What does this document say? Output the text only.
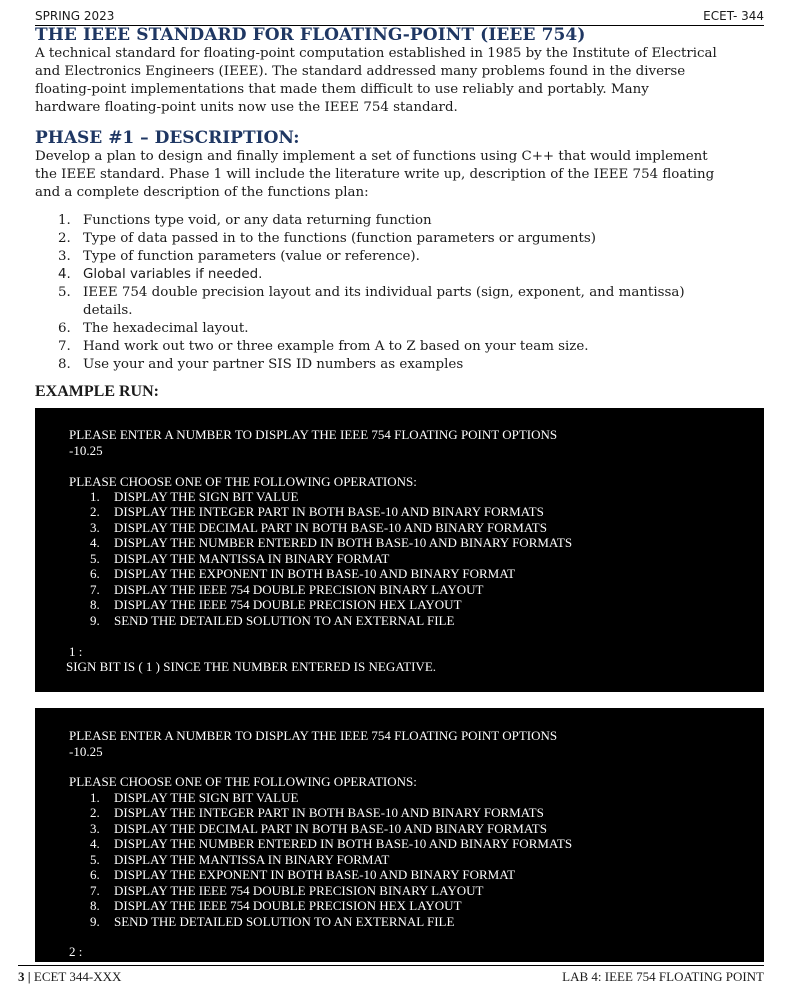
SPRING 2023	ECET- 344
THE IEEE STANDARD FOR FLOATING-POINT (IEEE 754)
A technical standard for floating-point computation established in 1985 by the Institute of Electrical
and Electronics Engineers (IEEE). The standard addressed many problems found in the diverse
floating-point implementations that made them difficult to use reliably and portably. Many
hardware floating-point units now use the IEEE 754 standard.
PHASE #1 – DESCRIPTION:
Develop a plan to design and finally implement a set of functions using C++ that would implement
the IEEE standard. Phase 1 will include the literature write up, description of the IEEE 754 floating
and a complete description of the functions plan:
1. Functions type void, or any data returning function
2. Type of data passed in to the functions (function parameters or arguments)
3. Type of function parameters (value or reference).
4. Global variables if needed.
5. IEEE 754 double precision layout and its individual parts (sign, exponent, and mantissa)
details.
6. The hexadecimal layout.
7. Hand work out two or three example from A to Z based on your team size.
8. Use your and your partner SIS ID numbers as examples
EXAMPLE RUN:
PLEASE ENTER A NUMBER TO DISPLAY THE IEEE 754 FLOATING POINT OPTIONS
-10.25
PLEASE CHOOSE ONE OF THE FOLLOWING OPERATIONS:
1. DISPLAY THE SIGN BIT VALUE
2. DISPLAY THE INTEGER PART IN BOTH BASE-10 AND BINARY FORMATS
3. DISPLAY THE DECIMAL PART IN BOTH BASE-10 AND BINARY FORMATS
4. DISPLAY THE NUMBER ENTERED IN BOTH BASE-10 AND BINARY FORMATS
5. DISPLAY THE MANTISSA IN BINARY FORMAT
6. DISPLAY THE EXPONENT IN BOTH BASE-10 AND BINARY FORMAT
7. DISPLAY THE IEEE 754 DOUBLE PRECISION BINARY LAYOUT
8. DISPLAY THE IEEE 754 DOUBLE PRECISION HEX LAYOUT
9. SEND THE DETAILED SOLUTION TO AN EXTERNAL FILE
1 :
SIGN BIT IS ( 1 ) SINCE THE NUMBER ENTERED IS NEGATIVE.
PLEASE ENTER A NUMBER TO DISPLAY THE IEEE 754 FLOATING POINT OPTIONS
-10.25
PLEASE CHOOSE ONE OF THE FOLLOWING OPERATIONS:
1. DISPLAY THE SIGN BIT VALUE
2. DISPLAY THE INTEGER PART IN BOTH BASE-10 AND BINARY FORMATS
3. DISPLAY THE DECIMAL PART IN BOTH BASE-10 AND BINARY FORMATS
4. DISPLAY THE NUMBER ENTERED IN BOTH BASE-10 AND BINARY FORMATS
5. DISPLAY THE MANTISSA IN BINARY FORMAT
6. DISPLAY THE EXPONENT IN BOTH BASE-10 AND BINARY FORMAT
7. DISPLAY THE IEEE 754 DOUBLE PRECISION BINARY LAYOUT
8. DISPLAY THE IEEE 754 DOUBLE PRECISION HEX LAYOUT
9. SEND THE DETAILED SOLUTION TO AN EXTERNAL FILE
2 :
3 | ECET 344-XXX	LAB 4: IEEE 754 FLOATING POINT
